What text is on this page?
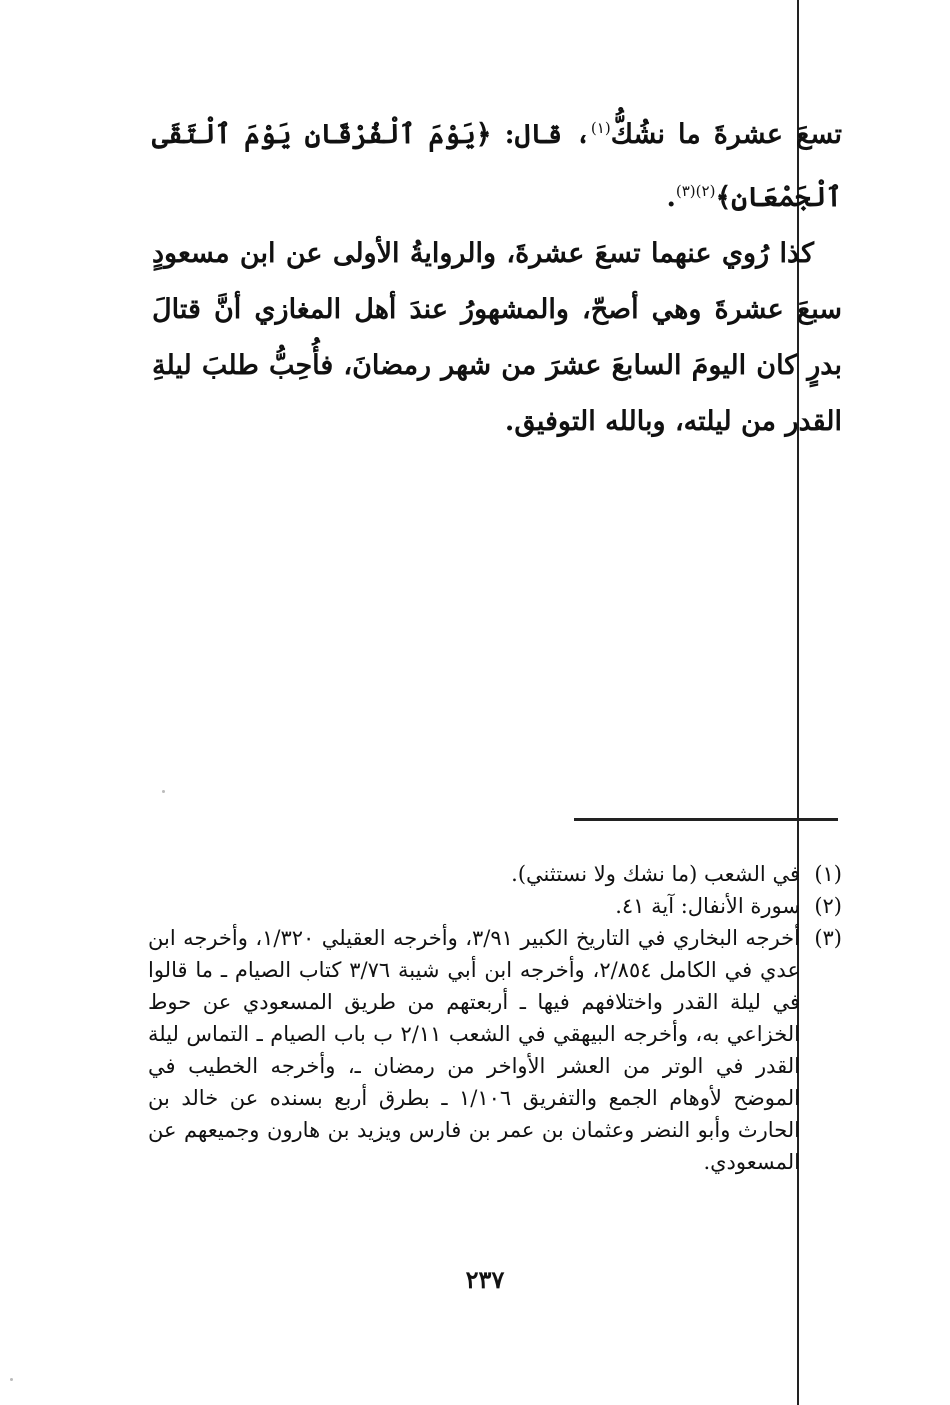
تسعَ عشرةَ ما نشُكُّ$^{(١)}$، قال: ﴿يَوْمَ ٱلْفُرْقَانِ يَوْمَ ٱلْتَقَى ٱلْجَمْعَانِ﴾$^{(٢)(٣)}$.

كذا رُوي عنهما تسعَ عشرةَ، والروايةُ الأولى عن ابن مسعودٍ سبعَ عشرةَ وهي أصحّ، والمشهورُ عندَ أهل المغازي أنَّ قتالَ بدرٍ كان اليومَ السابعَ عشرَ من شهر رمضانَ، فأُحِبُّ طلبَ ليلةِ القدر من ليلته، وبالله التوفيق.

(١)
في الشعب (ما نشك ولا نستثني).
(٢)
سورة الأنفال: آية ٤١.
(٣)
أخرجه البخاري في التاريخ الكبير ٣/٩١، وأخرجه العقيلي ١/٣٢٠، وأخرجه ابن عدي في الكامل ٢/٨٥٤، وأخرجه ابن أبي شيبة ٣/٧٦ كتاب الصيام ـ ما قالوا في ليلة القدر واختلافهم فيها ـ أربعتهم من طريق المسعودي عن حوط الخزاعي به، وأخرجه البيهقي في الشعب ٢/١١ ب باب الصيام ـ التماس ليلة القدر في الوتر من العشر الأواخر من رمضان ـ، وأخرجه الخطيب في الموضح لأوهام الجمع والتفريق ١/١٠٦ ـ بطرق أربع بسنده عن خالد بن الحارث وأبو النضر وعثمان بن عمر بن فارس ويزيد بن هارون وجميعهم عن المسعودي.
٢٣٧
